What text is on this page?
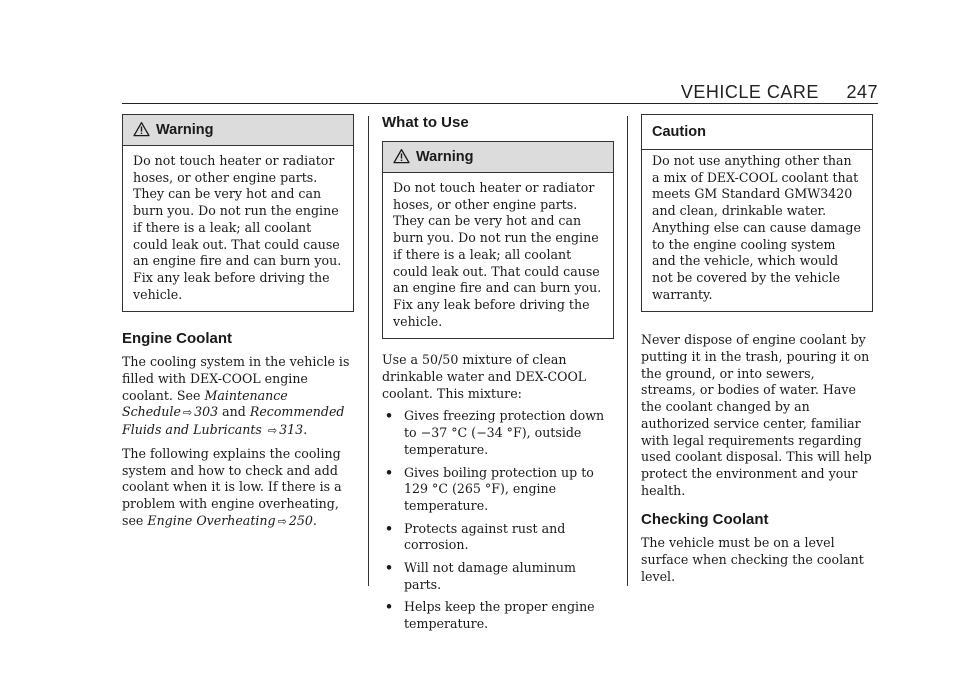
VEHICLE CARE 247
Warning

Do not touch heater or radiator hoses, or other engine parts. They can be very hot and can burn you. Do not run the engine if there is a leak; all coolant could leak out. That could cause an engine fire and can burn you. Fix any leak before driving the vehicle.

Engine Coolant

The cooling system in the vehicle is filled with DEX-COOL engine coolant. See Maintenance Schedule ⇨ 303 and Recommended Fluids and Lubricants ⇨ 313.

The following explains the cooling system and how to check and add coolant when it is low. If there is a problem with engine overheating, see Engine Overheating ⇨ 250.

What to Use
Warning

Do not touch heater or radiator hoses, or other engine parts. They can be very hot and can burn you. Do not run the engine if there is a leak; all coolant could leak out. That could cause an engine fire and can burn you. Fix any leak before driving the vehicle.

Use a 50/50 mixture of clean drinkable water and DEX-COOL coolant. This mixture:

• Gives freezing protection down to −37 °C (−34 °F), outside temperature.
• Gives boiling protection up to 129 °C (265 °F), engine temperature.
• Protects against rust and corrosion.
• Will not damage aluminum parts.
• Helps keep the proper engine temperature.
Caution

Do not use anything other than a mix of DEX-COOL coolant that meets GM Standard GMW3420 and clean, drinkable water. Anything else can cause damage to the engine cooling system and the vehicle, which would not be covered by the vehicle warranty.

Never dispose of engine coolant by putting it in the trash, pouring it on the ground, or into sewers, streams, or bodies of water. Have the coolant changed by an authorized service center, familiar with legal requirements regarding used coolant disposal. This will help protect the environment and your health.

Checking Coolant

The vehicle must be on a level surface when checking the coolant level.
